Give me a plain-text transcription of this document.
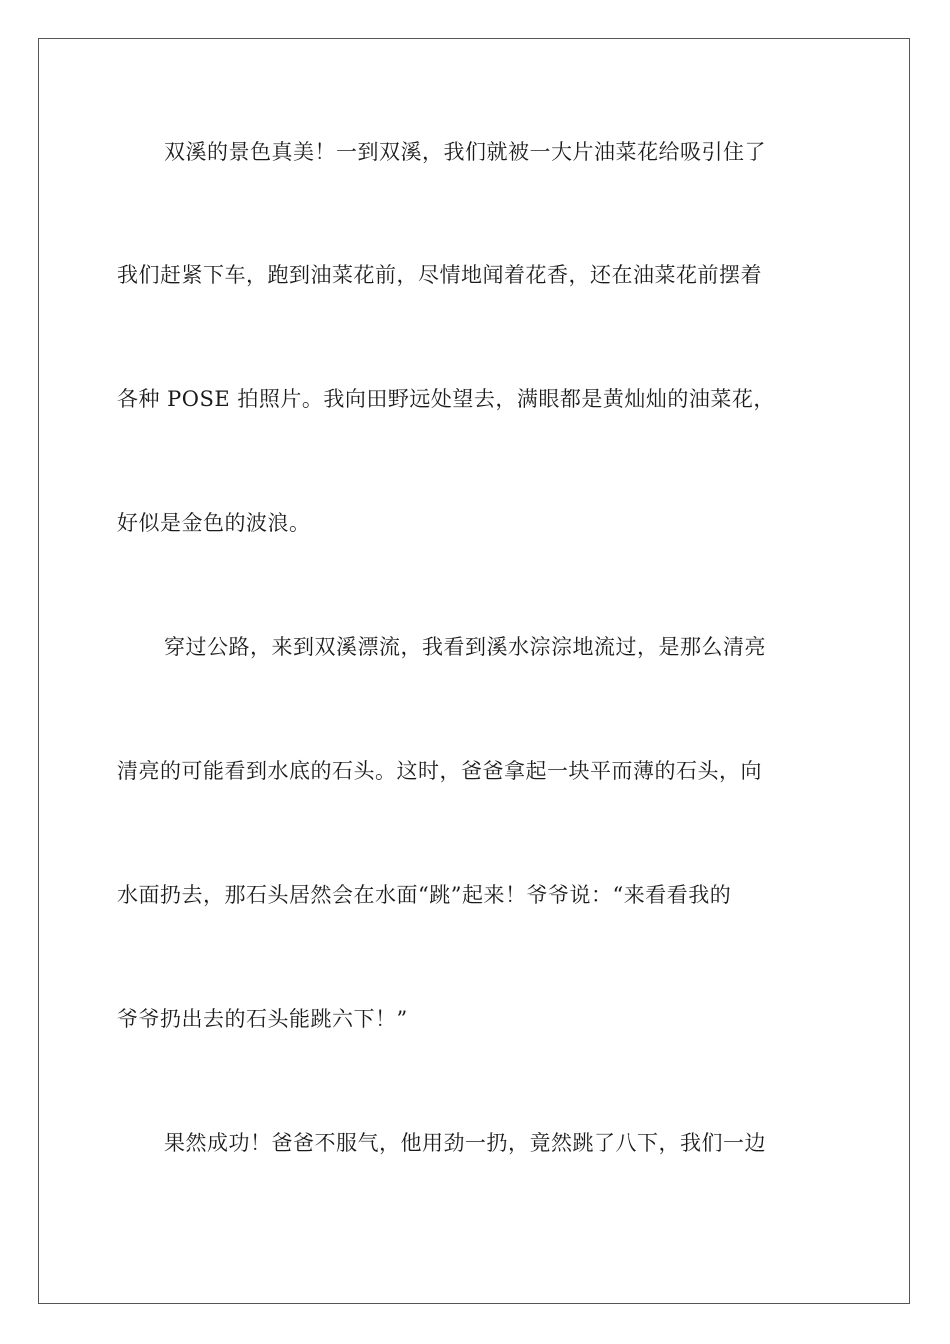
双溪的景色真美！一到双溪，我们就被一大片油菜花给吸引住了
我们赶紧下车，跑到油菜花前，尽情地闻着花香，还在油菜花前摆着
各种 POSE 拍照片。我向田野远处望去，满眼都是黄灿灿的油菜花，
好似是金色的波浪。
穿过公路，来到双溪漂流，我看到溪水淙淙地流过，是那么清亮
清亮的可能看到水底的石头。这时，爸爸拿起一块平而薄的石头，向
水面扔去，那石头居然会在水面“跳”起来！爷爷说：“来看看我的
爷爷扔出去的石头能跳六下！”
果然成功！爸爸不服气，他用劲一扔，竟然跳了八下，我们一边
